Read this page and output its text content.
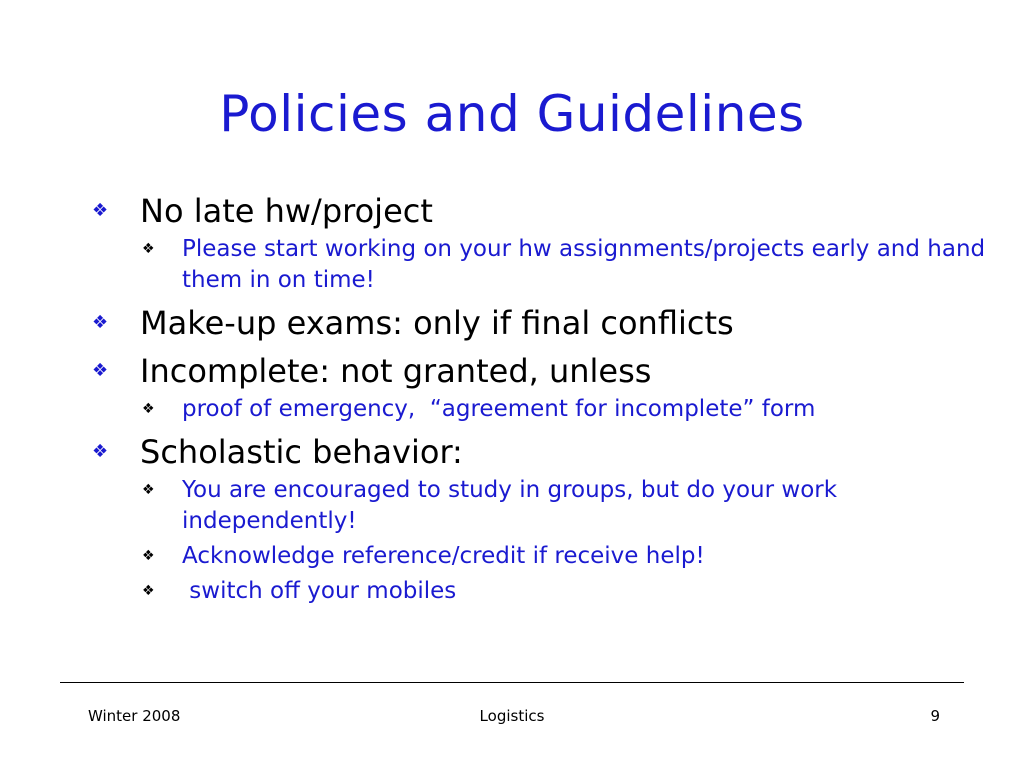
Policies and Guidelines
❖ No late hw/project
❖ Please start working on your hw assignments/projects early and hand them in on time!
❖ Make-up exams: only if final conflicts
❖ Incomplete: not granted, unless
❖ proof of emergency,  “agreement for incomplete” form
❖ Scholastic behavior:
❖ You are encouraged to study in groups, but do your work independently!
❖ Acknowledge reference/credit if receive help!
❖ switch off your mobiles
Winter 2008	Logistics	9
